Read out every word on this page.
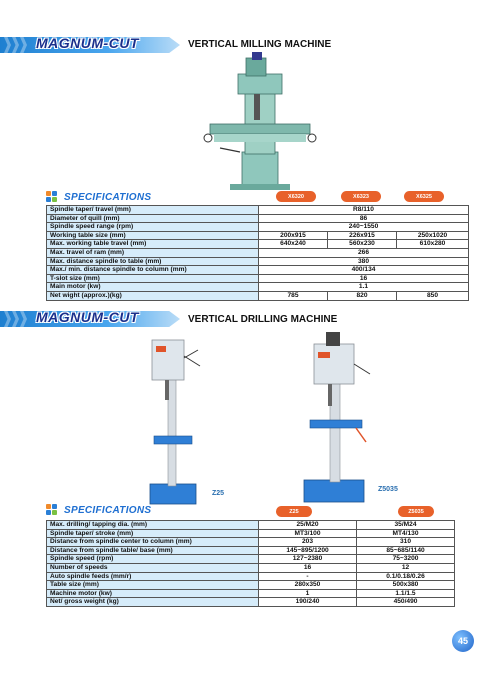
MAGNUM-CUT	VERTICAL MILLING MACHINE
SPECIFICATIONS	X6320	X6323	X6325
Spindle taper/ travel (mm)	R8/110		
Diameter of quill (mm)	86		
Spindle speed range (rpm)	240~1550		
Working table size (mm)	200x915	226x915	250x1020
Max. working table travel (mm)	640x240	560x230	610x280
Max. travel of ram (mm)	266		
Max. distance spindle to table (mm)	380		
Max./ min. distance spindle to column (mm)	400/134		
T-slot size (mm)	16		
Main motor (kw)	1.1		
Net wight (approx.)(kg)	785	820	850
MAGNUM-CUT	VERTICAL DRILLING MACHINE
Z25
Z5035
SPECIFICATIONS	Z25	Z5035
Max. drilling/ tapping dia. (mm)	25/M20	35/M24
Spindle taper/ stroke (mm)	MT3/100	MT4/130
Distance from spindle center to column (mm)	203	310
Distance from spindle table/ base (mm)	145~895/1200	85~685/1140
Spindle speed (rpm)	127~2380	75~3200
Number of speeds	16	12
Auto spindle feeds (mm/r)	-	0.1/0.18/0.26
Table size (mm)	280x350	500x380
Machine motor (kw)	1	1.1/1.5
Net/ gross weight (kg)	190/240	450/490
45
